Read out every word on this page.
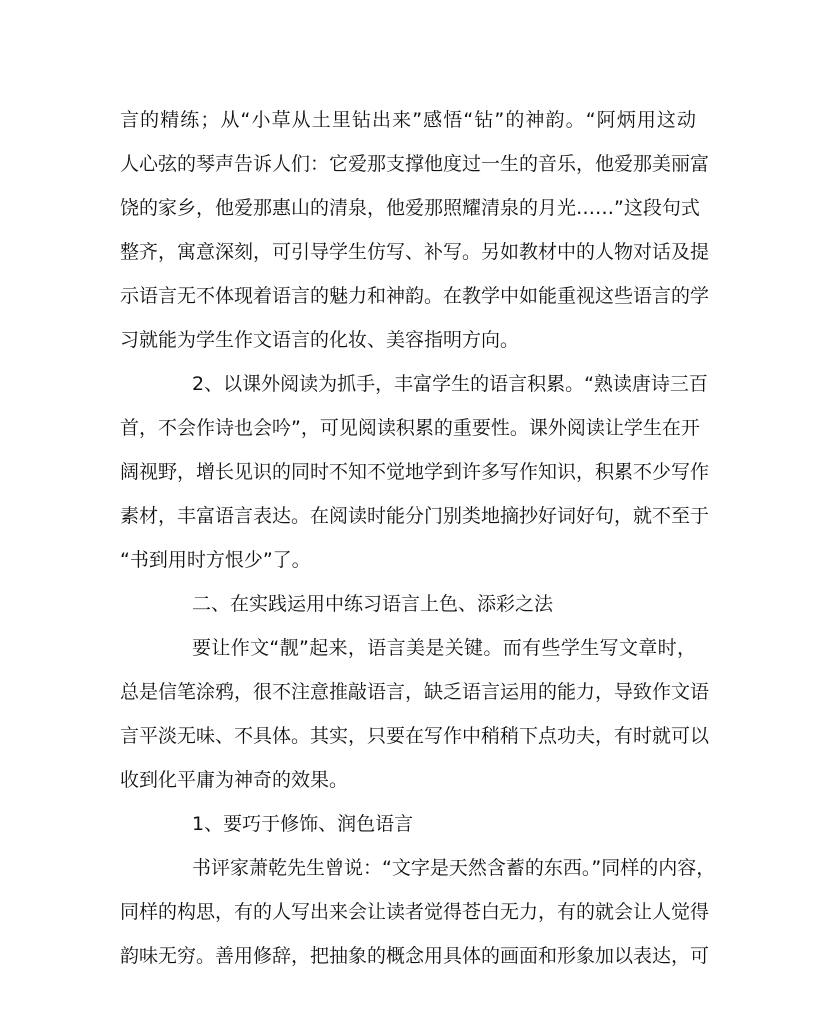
言的精练；从“小草从土里钻出来”感悟“钻”的神韵。“阿炳用这动
人心弦的琴声告诉人们：它爱那支撑他度过一生的音乐，他爱那美丽富
饶的家乡，他爱那惠山的清泉，他爱那照耀清泉的月光……”这段句式
整齐，寓意深刻，可引导学生仿写、补写。另如教材中的人物对话及提
示语言无不体现着语言的魅力和神韵。在教学中如能重视这些语言的学
习就能为学生作文语言的化妆、美容指明方向。
2、以课外阅读为抓手，丰富学生的语言积累。“熟读唐诗三百
首，不会作诗也会吟”，可见阅读积累的重要性。课外阅读让学生在开
阔视野，增长见识的同时不知不觉地学到许多写作知识，积累不少写作
素材，丰富语言表达。在阅读时能分门别类地摘抄好词好句，就不至于
“书到用时方恨少”了。
二、在实践运用中练习语言上色、添彩之法
要让作文“靓”起来，语言美是关键。而有些学生写文章时，
总是信笔涂鸦，很不注意推敲语言，缺乏语言运用的能力，导致作文语
言平淡无味、不具体。其实，只要在写作中稍稍下点功夫，有时就可以
收到化平庸为神奇的效果。
1、要巧于修饰、润色语言
书评家萧乾先生曾说：“文字是天然含蓄的东西。”同样的内容，
同样的构思，有的人写出来会让读者觉得苍白无力，有的就会让人觉得
韵味无穷。善用修辞，把抽象的概念用具体的画面和形象加以表达，可
